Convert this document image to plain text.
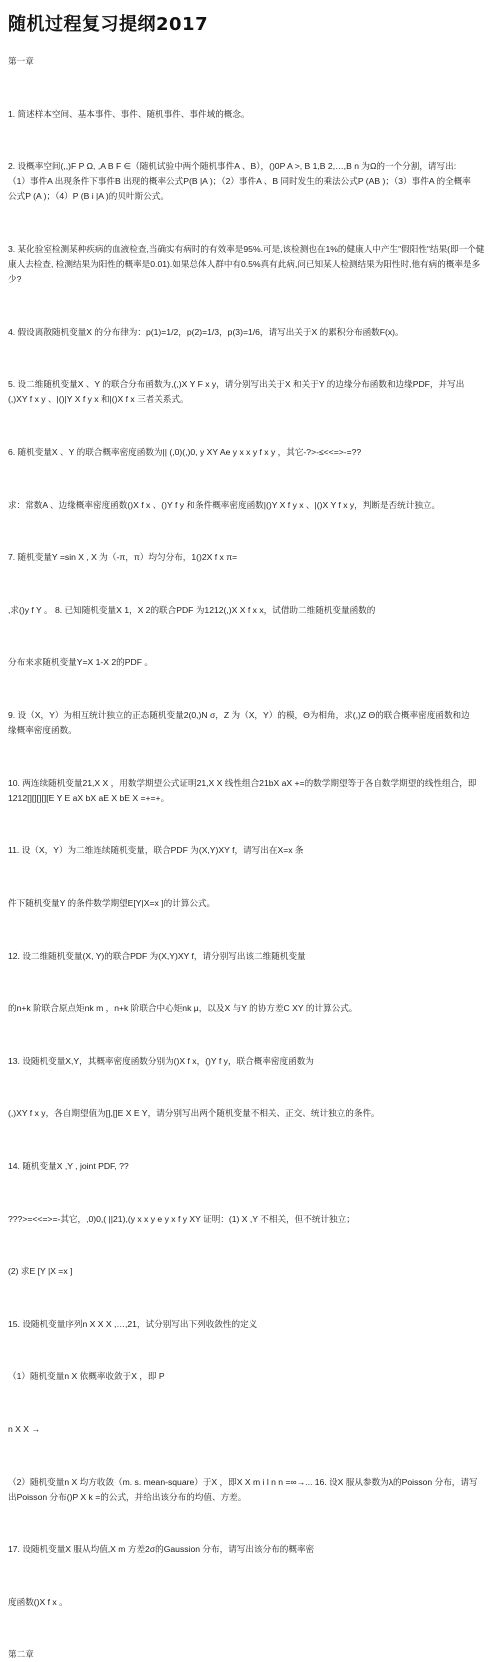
随机过程复习提纲2017

第一章

1. 简述样本空间、基本事件、事件、随机事件、事件域的概念。

2. 设概率空间(,,)F P Ω, ,A B F ∈（随机试验中两个随机事件A 、B），()0P A >, B 1,B 2,…,B n 为Ω的一个分割，请写出:

（1）事件A 出现条件下事件B 出现的概率公式P(B |A )；（2）事件A 、B 同时发生的乘法公式P (AB )；（3）事件A 的全概率

公式P (A )；（4）P (B i |A )的贝叶斯公式。

3. 某化验室检测某种疾病的血液检查,当确实有病时的有效率是95%.可是,该检测也在1%的健康人中产生"假阳性"结果(即一个健

康人去检查, 检测结果为阳性的概率是0.01).如果总体人群中有0.5%真有此病,问已知某人检测结果为阳性时,他有病的概率是多

少?

4. 假设离散随机变量X 的分布律为：p(1)=1/2，p(2)=1/3，p(3)=1/6，请写出关于X 的累积分布函数F(x)。

5. 设二维随机变量X 、Y 的联合分布函数为,(,)X Y F x y，请分别写出关于X 和关于Y 的边缘分布函数和边缘PDF，并写出

(,)XY f x y 、|()|Y X f y x 和|()X f x 三者关系式。

6. 随机变量X 、Y 的联合概率密度函数为|| (,0)(,)0, y XY Ae y x x y f x y ，其它-?>-≤<<=>-=??

求：常数A 、边缘概率密度函数()X f x 、()Y f y 和条件概率密度函数|()Y X f y x 、|()X Y f x y，判断是否统计独立。

7. 随机变量Y =sin X , X 为（-π，π）均匀分布，1()2X f x π=

,求()y f Y 。 8. 已知随机变量X 1，X 2的联合PDF 为1212(,)X X f x x，试借助二维随机变量函数的

分布来求随机变量Y=X 1-X 2的PDF 。

9. 设（X，Y）为相互统计独立的正态随机变量2(0,)N σ，Z 为（X，Y）的模，Θ为相角，求(,)Z Θ的联合概率密度函数和边

缘概率密度函数。

10. 两连续随机变量21,X X ，用数学期望公式证明21,X X 线性组合21bX aX +=的数学期望等于各自数学期望的线性组合，即

1212[][][][][E Y E aX bX aE X bE X =+=+。

11. 设（X，Y）为二维连续随机变量，联合PDF 为(X,Y)XY f，请写出在X=x 条

件下随机变量Y 的条件数学期望E[Y|X=x ]的计算公式。

12. 设二维随机变量(X, Y)的联合PDF 为(X,Y)XY f，请分别写出该二维随机变量

的n+k 阶联合原点矩nk m ，n+k 阶联合中心矩nk μ，以及X 与Y 的协方差C XY 的计算公式。

13. 设随机变量X,Y，其概率密度函数分别为()X f x，()Y f y，联合概率密度函数为

(,)XY f x y，各自期望值为[],[]E X E Y，请分别写出两个随机变量不相关、正交、统计独立的条件。

14. 随机变量X ,Y , joint PDF, ??

???>=<<=>=-其它，,0)0,( ||21),(y x x y e y x f y XY 证明：(1) X ,Y 不相关，但不统计独立；

(2) 求E [Y |X =x ]

15. 设随机变量序列n X X X ,…,21，试分别写出下列收敛性的定义

（1）随机变量n X 依概率收敛于X ，即 P

n X X →

（2）随机变量n X 均方收敛（m. s. mean-square）于X ，即X X m i l n n =∞→... 16. 设X 服从参数为λ的Poisson 分布，请写

出Poisson 分布()P X k =的公式，并给出该分布的均值、方差。

17. 设随机变量X 服从均值,X m 方差2σ的Gaussion 分布，请写出该分布的概率密

度函数()X f x 。

第二章
